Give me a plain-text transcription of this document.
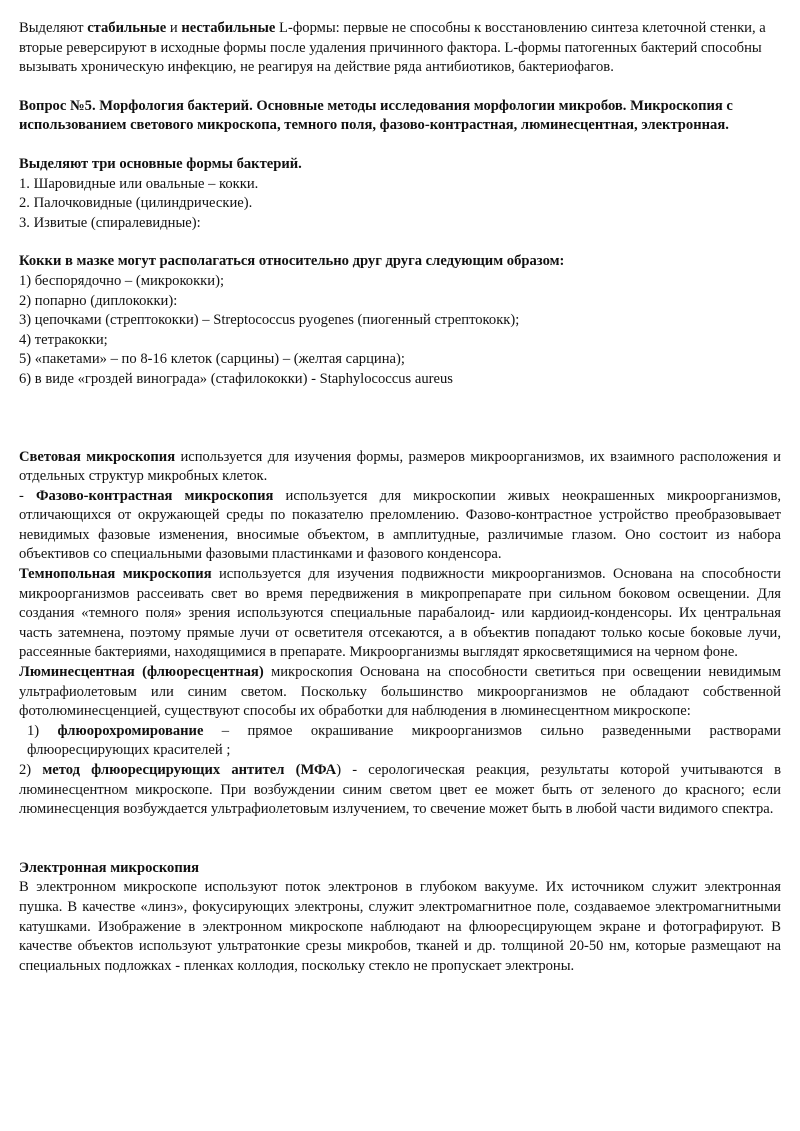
Выделяют стабильные и нестабильные L-формы: первые не способны к восстановлению синтеза клеточной стенки, а вторые реверсируют в исходные формы после удаления причинного фактора. L-формы патогенных бактерий способны вызывать хроническую инфекцию, не реагируя на действие ряда антибиотиков, бактериофагов.

Вопрос №5. Морфология бактерий. Основные методы исследования морфологии микробов. Микроскопия с использованием светового микроскопа, темного поля, фазово-контрастная, люминесцентная, электронная.

Выделяют три основные формы бактерий.

1. Шаровидные или овальные – кокки.

2. Палочковидные (цилиндрические).

3. Извитые (спиралевидные):

Кокки в мазке могут располагаться относительно друг друга следующим образом:

1) беспорядочно – (микрококки);

2) попарно (диплококки):

3) цепочками (стрептококки) – Streptococcus pyogenes (пиогенный стрептококк);

4) тетракокки;

5) «пакетами» – по 8-16 клеток (сарцины) – (желтая сарцина);

6) в виде «гроздей винограда» (стафилококки) - Staphylococcus aureus

Световая микроскопия используется для изучения формы, размеров микроорганизмов, их взаимного расположения и отдельных структур микробных клеток.

- Фазово-контрастная микроскопия используется для микроскопии живых неокрашенных микроорганизмов, отличающихся от окружающей среды по показателю преломлению. Фазово-контрастное устройство преобразовывает невидимых фазовые изменения, вносимые объектом, в амплитудные, различимые глазом. Оно состоит из набора объективов со специальными фазовыми пластинками и фазового конденсора.

Темнопольная микроскопия используется для изучения подвижности микроорганизмов. Основана на способности микроорганизмов рассеивать свет во время передвижения в микропрепарате при сильном боковом освещении. Для создания «темного поля» зрения используются специальные парабалоид- или кардиоид-конденсоры. Их центральная часть затемнена, поэтому прямые лучи от осветителя отсекаются, а в объектив попадают только косые боковые лучи, рассеянные бактериями, находящимися в препарате. Микроорганизмы выглядят яркосветящимися на черном фоне.

Люминесцентная (флюоресцентная) микроскопия Основана на способности светиться при освещении невидимым ультрафиолетовым или синим светом. Поскольку большинство микроорганизмов не обладают собственной фотолюминесценцией, существуют способы их обработки для наблюдения в люминесцентном микроскопе:

1) флюорохромирование – прямое окрашивание микроорганизмов сильно разведенными растворами флюоресцирующих красителей ;

2) метод флюоресцирующих антител (МФА) - серологическая реакция, результаты которой учитываются в люминесцентном микроскопе. При возбуждении синим светом цвет ее может быть от зеленого до красного; если люминесценция возбуждается ультрафиолетовым излучением, то свечение может быть в любой части видимого спектра.

Электронная микроскопия

В электронном микроскопе используют поток электронов в глубоком вакууме. Их источником служит электронная пушка. В качестве «линз», фокусирующих электроны, служит электромагнитное поле, создаваемое электромагнитными катушками. Изображение в электронном микроскопе наблюдают на флюоресцирующем экране и фотографируют. В качестве объектов используют ультратонкие срезы микробов, тканей и др. толщиной 20-50 нм, которые размещают на специальных подложках - пленках коллодия, поскольку стекло не пропускает электроны.
